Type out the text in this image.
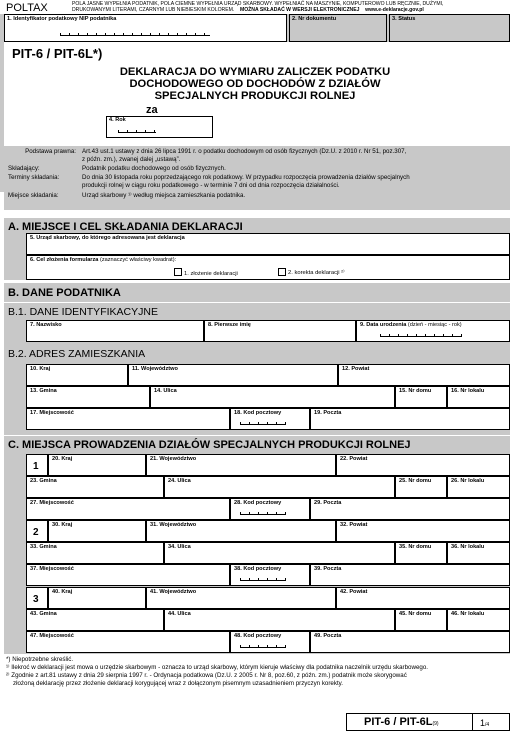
POLTAX	POLA JASNE WYPEŁNIA PODATNIK, POLA CIEMNE WYPEŁNIA URZĄD SKARBOWY. WYPEŁNIAĆ NA MASZYNIE, KOMPUTEROWO LUB RĘCZNIE, DUŻYMI,
DRUKOWANYMI LITERAMI, CZARNYM LUB NIEBIESKIM KOLOREM. MOŻNA SKŁADAĆ W WERSJI ELEKTRONICZNEJ www.e-deklaracje.gov.pl
1. Identyfikator podatkowy NIP podatnika	2. Nr dokumentu	3. Status
PIT-6 / PIT-6L*)
DEKLARACJA DO WYMIARU ZALICZEK PODATKU
DOCHODOWEGO OD DOCHODÓW Z DZIAŁÓW
SPECJALNYCH PRODUKCJI ROLNEJ
za
4. Rok
Podstawa prawna: Art.43 ust.1 ustawy z dnia 26 lipca 1991 r. o podatku dochodowym od osób fizycznych (Dz.U. z 2010 r. Nr 51, poz.307,
z późn. zm.), zwanej dalej „ustawą”.
Składający:	Podatnik podatku dochodowego od osób fizycznych.
Terminy składania:	Do dnia 30 listopada roku poprzedzającego rok podatkowy. W przypadku rozpoczęcia prowadzenia działów specjalnych
produkcji rolnej w ciągu roku podatkowego - w terminie 7 dni od dnia rozpoczęcia działalności.
Miejsce składania:	Urząd skarbowy ¹⁾ według miejsca zamieszkania podatnika.
A. MIEJSCE I CEL SKŁADANIA DEKLARACJI
5. Urząd skarbowy, do którego adresowana jest deklaracja
6. Cel złożenia formularza (zaznaczyć właściwy kwadrat):
1. złożenie deklaracji	2. korekta deklaracji ²⁾
B. DANE PODATNIKA
B.1. DANE IDENTYFIKACYJNE
7. Nazwisko	8. Pierwsze imię	9. Data urodzenia (dzień - miesiąc - rok)
B.2. ADRES ZAMIESZKANIA
10. Kraj	11. Województwo	12. Powiat
13. Gmina	14. Ulica	15. Nr domu	16. Nr lokalu
17. Miejscowość	18. Kod pocztowy	19. Poczta
C. MIEJSCA PROWADZENIA DZIAŁÓW SPECJALNYCH PRODUKCJI ROLNEJ
1
20. Kraj	21. Województwo	22. Powiat
23. Gmina	24. Ulica	25. Nr domu	26. Nr lokalu
27. Miejscowość	28. Kod pocztowy	29. Poczta
2
30. Kraj	31. Województwo	32. Powiat
33. Gmina	34. Ulica	35. Nr domu	36. Nr lokalu
37. Miejscowość	38. Kod pocztowy	39. Poczta
3
40. Kraj	41. Województwo	42. Powiat
43. Gmina	44. Ulica	45. Nr domu	46. Nr lokalu
47. Miejscowość	48. Kod pocztowy	49. Poczta
*) Niepotrzebne skreślić.
¹⁾ Ilekroć w deklaracji jest mowa o urzędzie skarbowym - oznacza to urząd skarbowy, którym kieruje właściwy dla podatnika naczelnik urzędu skarbowego.
²⁾ Zgodnie z art.81 ustawy z dnia 29 sierpnia 1997 r. - Ordynacja podatkowa (Dz.U. z 2005 r. Nr 8, poz.60, z późn. zm.) podatnik może skorygować
złożoną deklarację przez złożenie deklaracji korygującej wraz z dołączonym pisemnym uzasadnieniem przyczyn korekty.
PIT-6 / PIT-6L(9)	1/4
